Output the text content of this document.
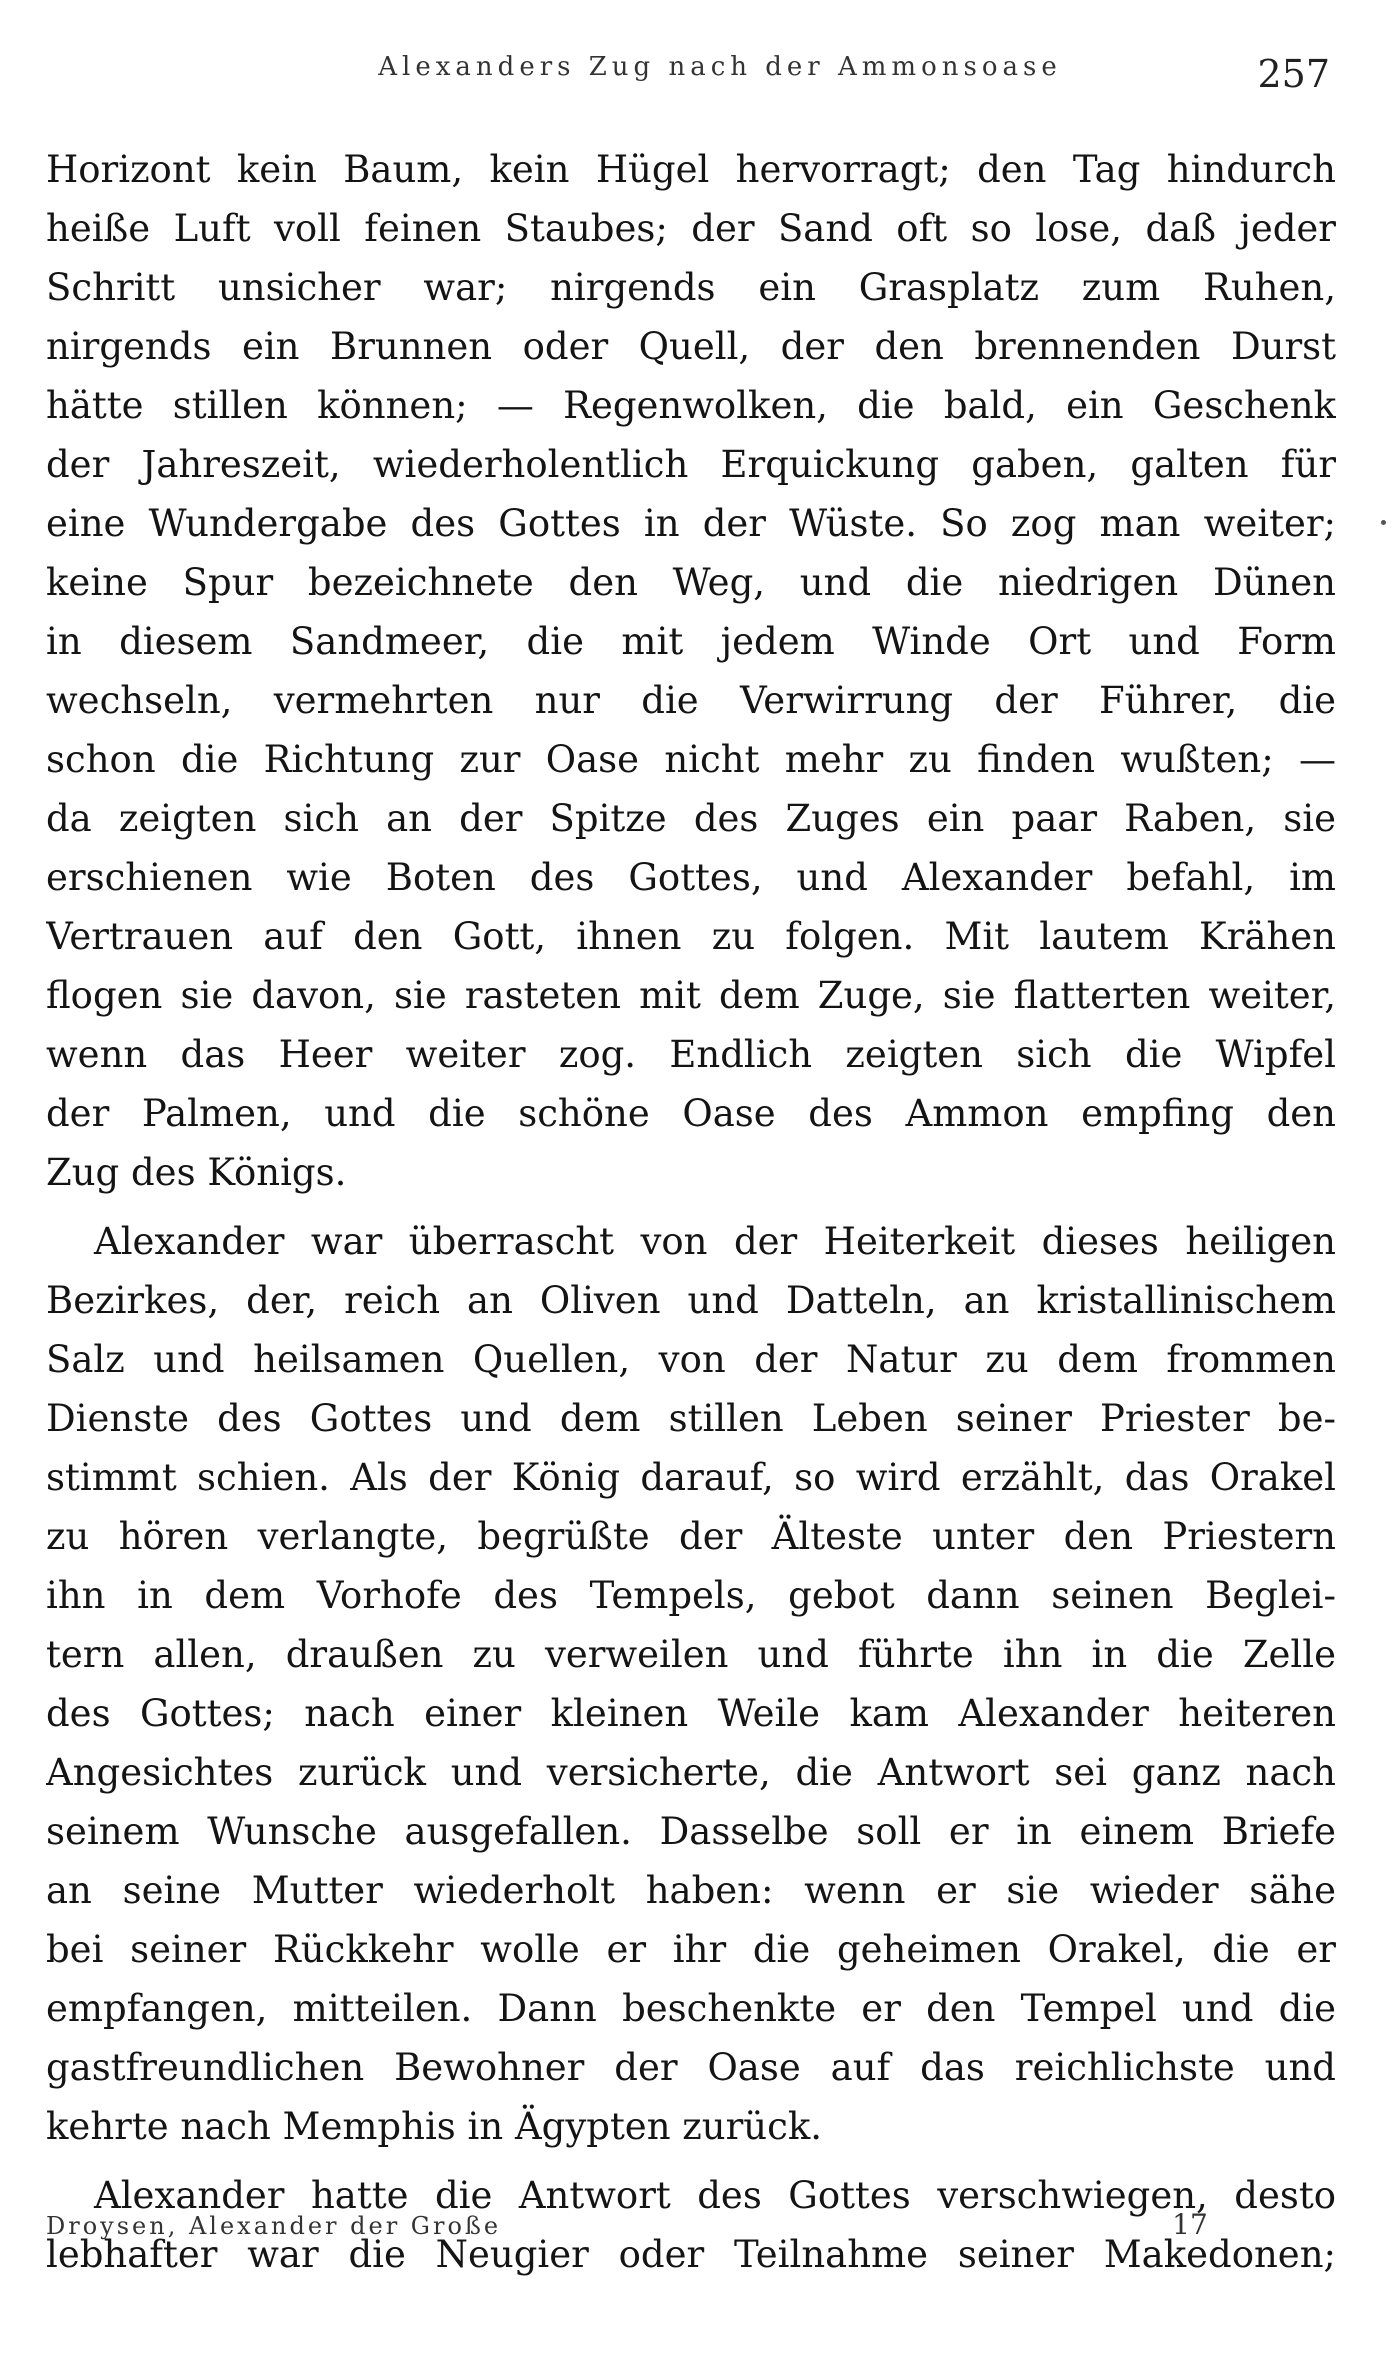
Alexanders Zug nach der Ammonsoase	257
Horizont kein Baum, kein Hügel hervorragt; den Tag hindurch
heiße Luft voll feinen Staubes; der Sand oft so lose, daß jeder
Schritt unsicher war; nirgends ein Grasplatz zum Ruhen,
nirgends ein Brunnen oder Quell, der den brennenden Durst
hätte stillen können; — Regenwolken, die bald, ein Geschenk
der Jahreszeit, wiederholentlich Erquickung gaben, galten für
eine Wundergabe des Gottes in der Wüste. So zog man weiter;
keine Spur bezeichnete den Weg, und die niedrigen Dünen
in diesem Sandmeer, die mit jedem Winde Ort und Form
wechseln, vermehrten nur die Verwirrung der Führer, die
schon die Richtung zur Oase nicht mehr zu finden wußten; —
da zeigten sich an der Spitze des Zuges ein paar Raben, sie
erschienen wie Boten des Gottes, und Alexander befahl, im
Vertrauen auf den Gott, ihnen zu folgen. Mit lautem Krähen
flogen sie davon, sie rasteten mit dem Zuge, sie flatterten weiter,
wenn das Heer weiter zog. Endlich zeigten sich die Wipfel
der Palmen, und die schöne Oase des Ammon empfing den
Zug des Königs.
Alexander war überrascht von der Heiterkeit dieses heiligen
Bezirkes, der, reich an Oliven und Datteln, an kristallinischem
Salz und heilsamen Quellen, von der Natur zu dem frommen
Dienste des Gottes und dem stillen Leben seiner Priester be-
stimmt schien. Als der König darauf, so wird erzählt, das Orakel
zu hören verlangte, begrüßte der Älteste unter den Priestern
ihn in dem Vorhofe des Tempels, gebot dann seinen Beglei-
tern allen, draußen zu verweilen und führte ihn in die Zelle
des Gottes; nach einer kleinen Weile kam Alexander heiteren
Angesichtes zurück und versicherte, die Antwort sei ganz nach
seinem Wunsche ausgefallen. Dasselbe soll er in einem Briefe
an seine Mutter wiederholt haben: wenn er sie wieder sähe
bei seiner Rückkehr wolle er ihr die geheimen Orakel, die er
empfangen, mitteilen. Dann beschenkte er den Tempel und die
gastfreundlichen Bewohner der Oase auf das reichlichste und
kehrte nach Memphis in Ägypten zurück.
Alexander hatte die Antwort des Gottes verschwiegen, desto
lebhafter war die Neugier oder Teilnahme seiner Makedonen;
Droysen, Alexander der Große	17
